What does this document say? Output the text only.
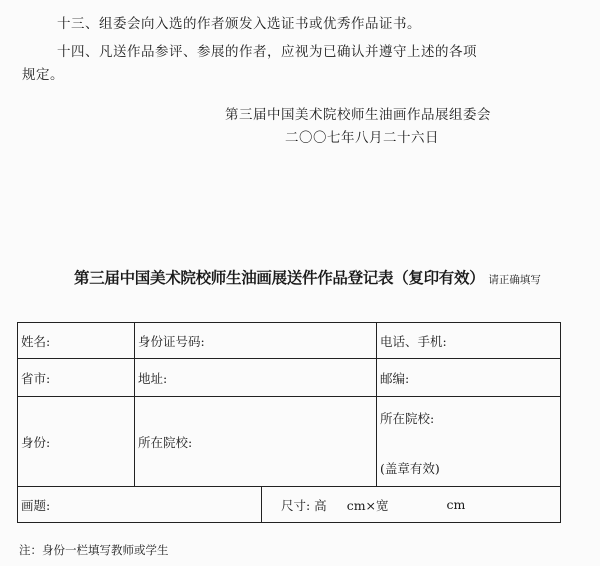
十三、组委会向入选的作者颁发入选证书或优秀作品证书。
十四、凡送作品参评、参展的作者，应视为已确认并遵守上述的各项
规定。
第三届中国美术院校师生油画作品展组委会
二〇〇七年八月二十六日
第三届中国美术院校师生油画展送件作品登记表（复印有效） 请正确填写
姓名:	身份证号码:		电话、手机:
省市:	地址:		邮编:
身份:	所在院校:		所在院校:
(盖章有效)

画题:		尺寸: 高 cm×宽 cm	
注：身份一栏填写教师或学生
